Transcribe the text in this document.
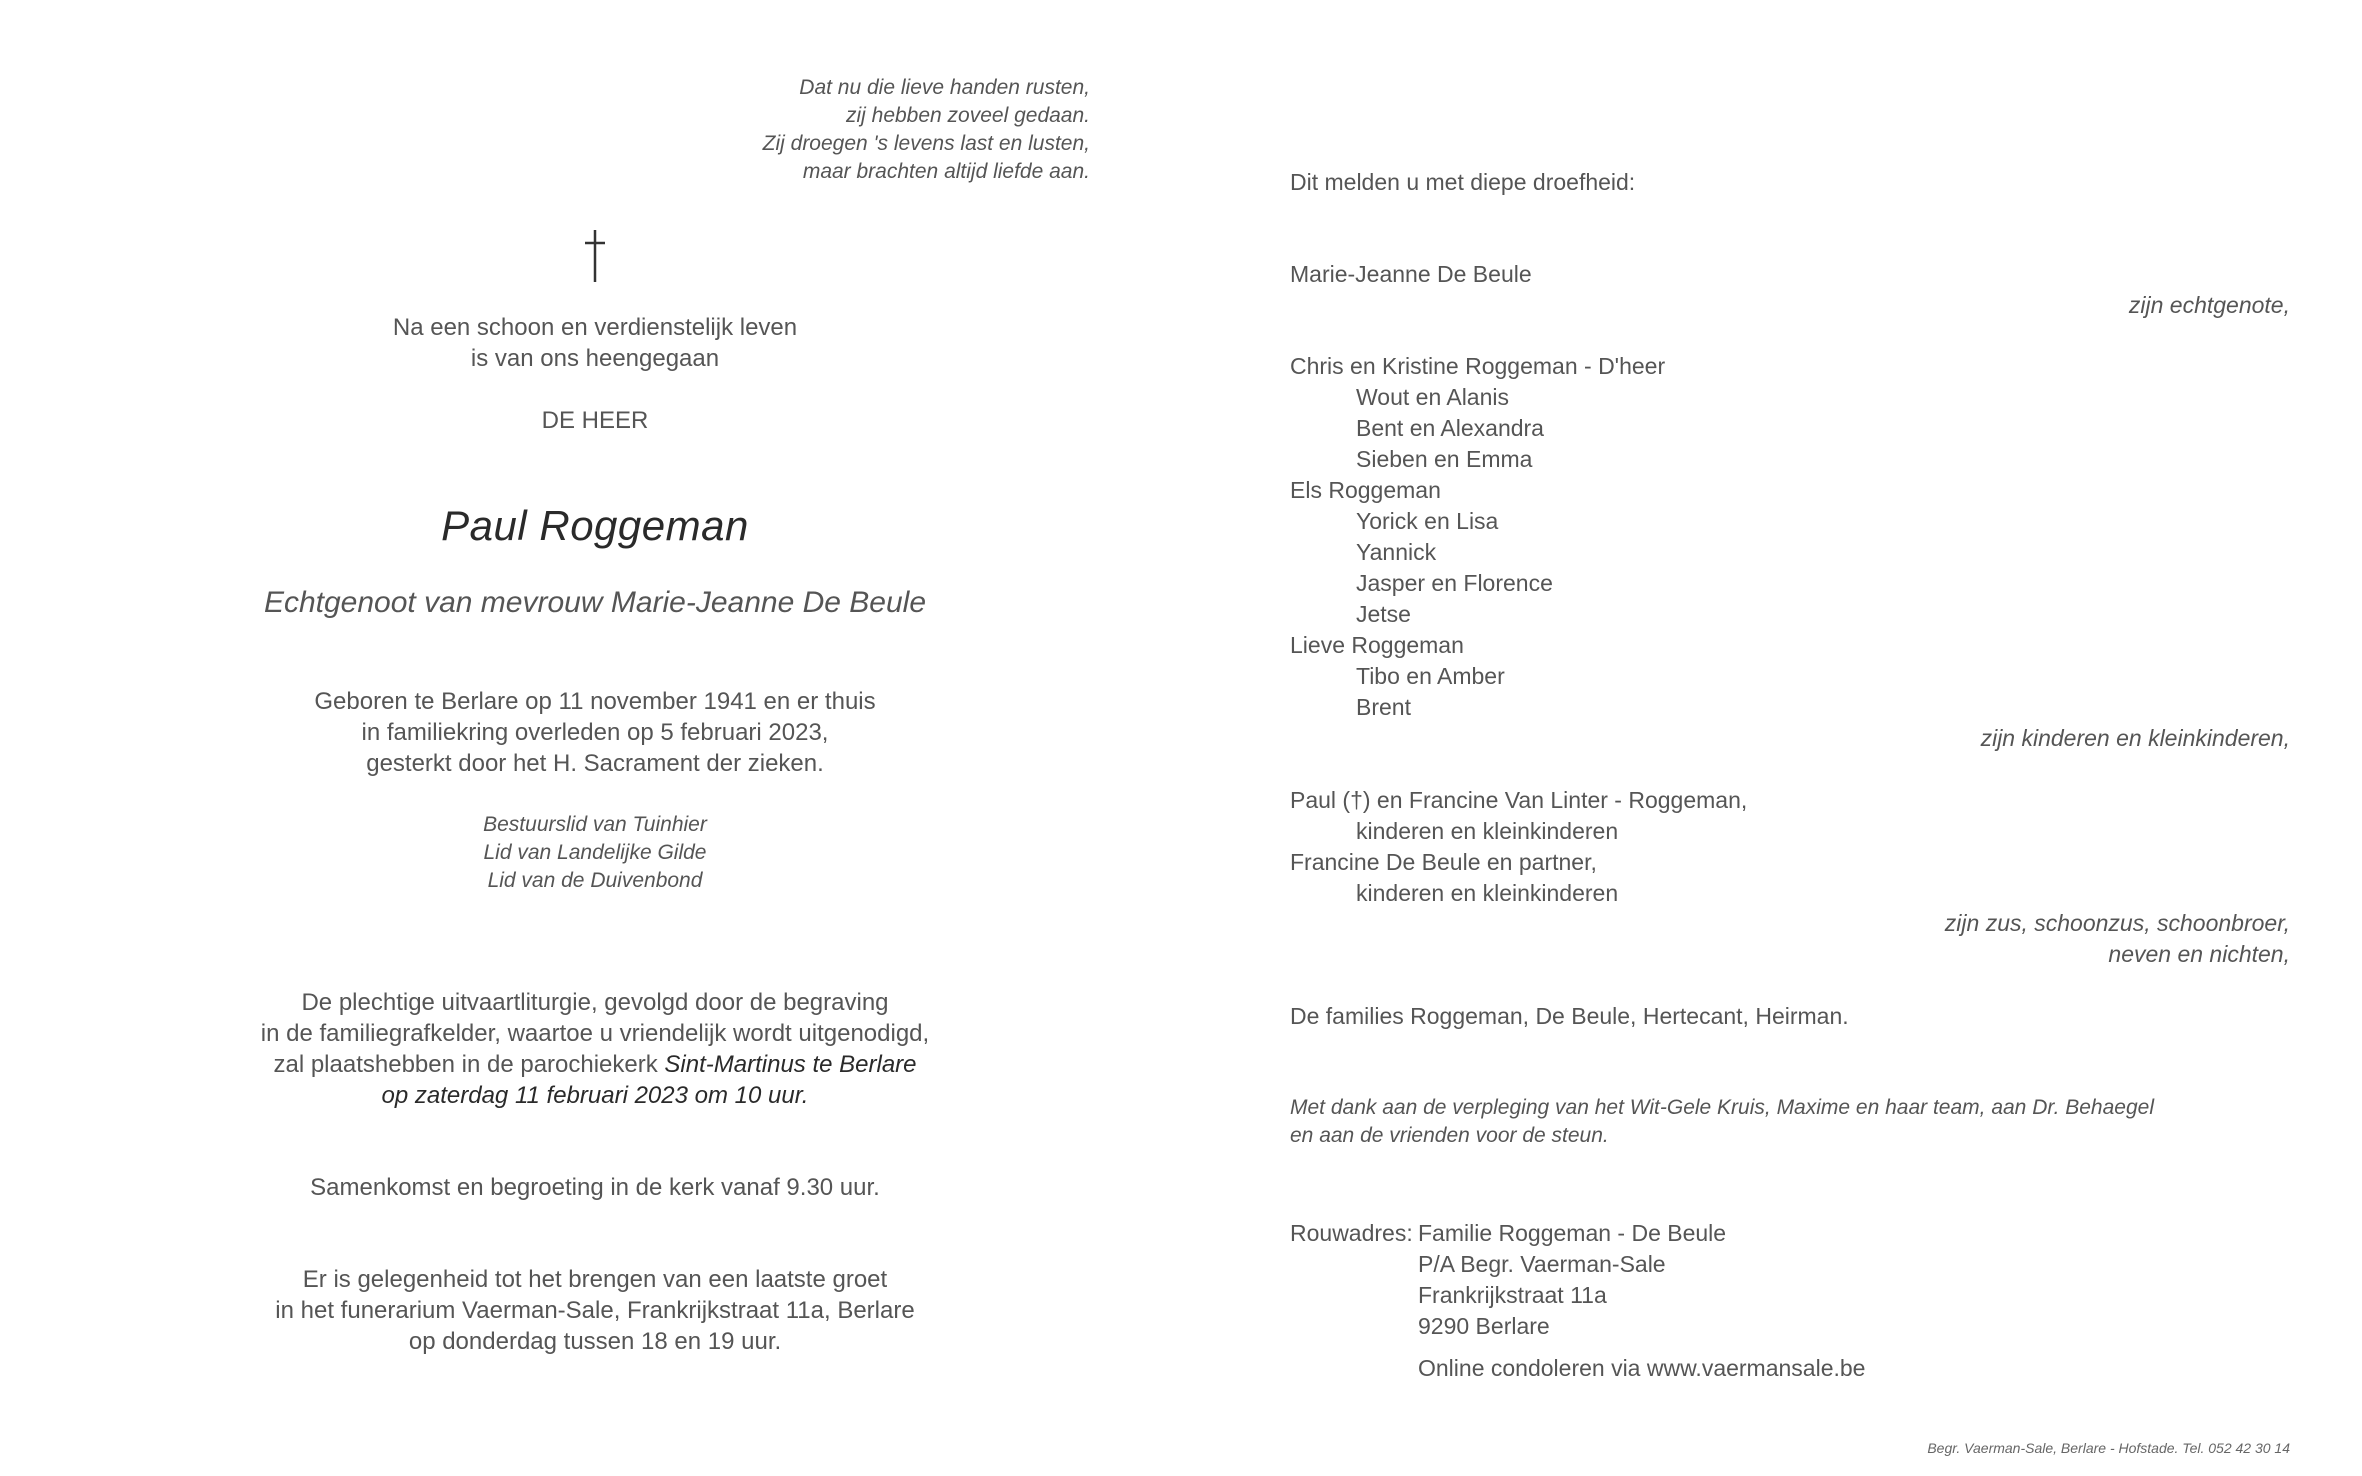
Dat nu die lieve handen rusten,
zij hebben zoveel gedaan.
Zij droegen 's levens last en lusten,
maar brachten altijd liefde aan.
Na een schoon en verdienstelijk leven
is van ons heengegaan
DE HEER
Paul Roggeman
Echtgenoot van mevrouw Marie-Jeanne De Beule
Geboren te Berlare op 11 november 1941 en er thuis
in familiekring overleden op 5 februari 2023,
gesterkt door het H. Sacrament der zieken.
Bestuurslid van Tuinhier
Lid van Landelijke Gilde
Lid van de Duivenbond
De plechtige uitvaartliturgie, gevolgd door de begraving
in de familiegrafkelder, waartoe u vriendelijk wordt uitgenodigd,
zal plaatshebben in de parochiekerk Sint-Martinus te Berlare
op zaterdag 11 februari 2023 om 10 uur.
Samenkomst en begroeting in de kerk vanaf 9.30 uur.
Er is gelegenheid tot het brengen van een laatste groet
in het funerarium Vaerman-Sale, Frankrijkstraat 11a, Berlare
op donderdag tussen 18 en 19 uur.
Dit melden u met diepe droefheid:
Marie-Jeanne De Beule
zijn echtgenote,
Chris en Kristine Roggeman - D'heer
Wout en Alanis
Bent en Alexandra
Sieben en Emma
Els Roggeman
Yorick en Lisa
Yannick
Jasper en Florence
Jetse
Lieve Roggeman
Tibo en Amber
Brent
zijn kinderen en kleinkinderen,
Paul (†) en Francine Van Linter - Roggeman,
kinderen en kleinkinderen
Francine De Beule en partner,
kinderen en kleinkinderen
zijn zus, schoonzus, schoonbroer,
neven en nichten,
De families Roggeman, De Beule, Hertecant, Heirman.
Met dank aan de verpleging van het Wit-Gele Kruis, Maxime en haar team, aan Dr. Behaegel
en aan de vrienden voor de steun.
Rouwadres: Familie Roggeman - De Beule
P/A Begr. Vaerman-Sale
Frankrijkstraat 11a
9290 Berlare
Online condoleren via www.vaermansale.be
Begr. Vaerman-Sale, Berlare - Hofstade. Tel. 052 42 30 14
